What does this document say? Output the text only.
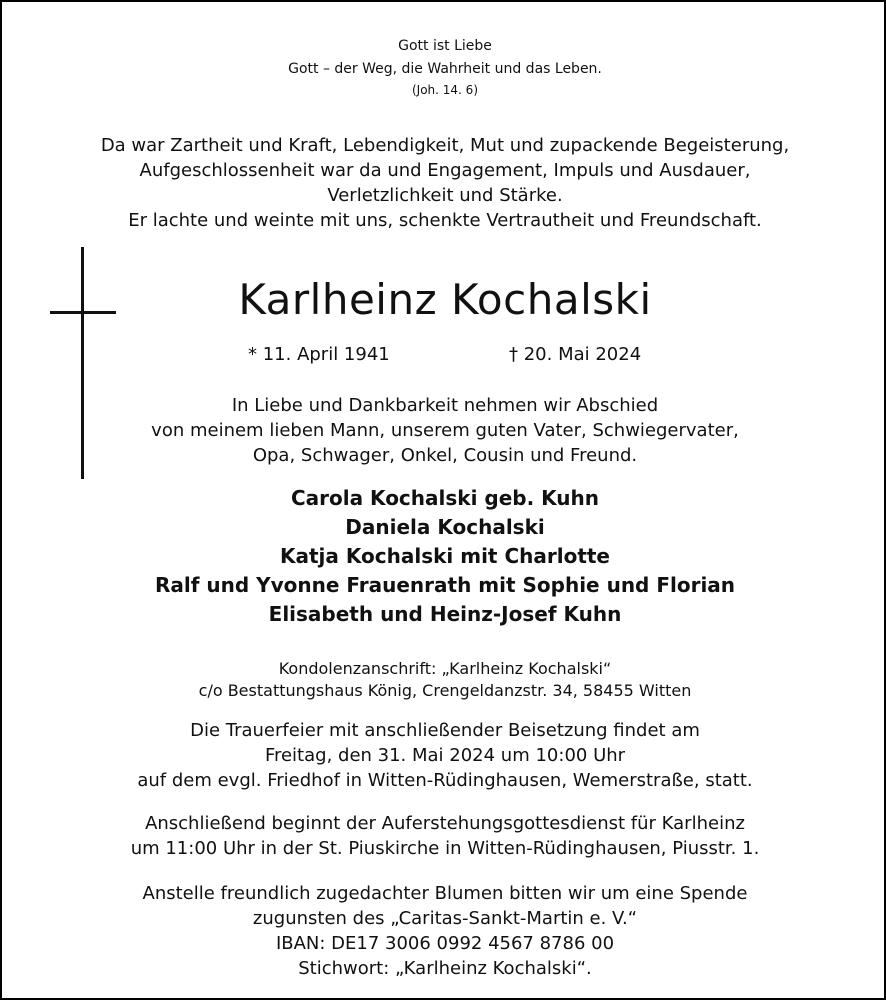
Gott ist Liebe
Gott – der Weg, die Wahrheit und das Leben.
(Joh. 14. 6)
Da war Zartheit und Kraft, Lebendigkeit, Mut und zupackende Begeisterung,
Aufgeschlossenheit war da und Engagement, Impuls und Ausdauer,
Verletzlichkeit und Stärke.
Er lachte und weinte mit uns, schenkte Vertrautheit und Freundschaft.
Karlheinz Kochalski
* 11. April 1941	† 20. Mai 2024
In Liebe und Dankbarkeit nehmen wir Abschied
von meinem lieben Mann, unserem guten Vater, Schwiegervater,
Opa, Schwager, Onkel, Cousin und Freund.
Carola Kochalski geb. Kuhn
Daniela Kochalski
Katja Kochalski mit Charlotte
Ralf und Yvonne Frauenrath mit Sophie und Florian
Elisabeth und Heinz-Josef Kuhn
Kondolenzanschrift: „Karlheinz Kochalski“
c/o Bestattungshaus König, Crengeldanzstr. 34, 58455 Witten
Die Trauerfeier mit anschließender Beisetzung findet am
Freitag, den 31. Mai 2024 um 10:00 Uhr
auf dem evgl. Friedhof in Witten-Rüdinghausen, Wemerstraße, statt.
Anschließend beginnt der Auferstehungsgottesdienst für Karlheinz
um 11:00 Uhr in der St. Piuskirche in Witten-Rüdinghausen, Piusstr. 1.
Anstelle freundlich zugedachter Blumen bitten wir um eine Spende
zugunsten des „Caritas-Sankt-Martin e. V.“
IBAN: DE17 3006 0992 4567 8786 00
Stichwort: „Karlheinz Kochalski“.
